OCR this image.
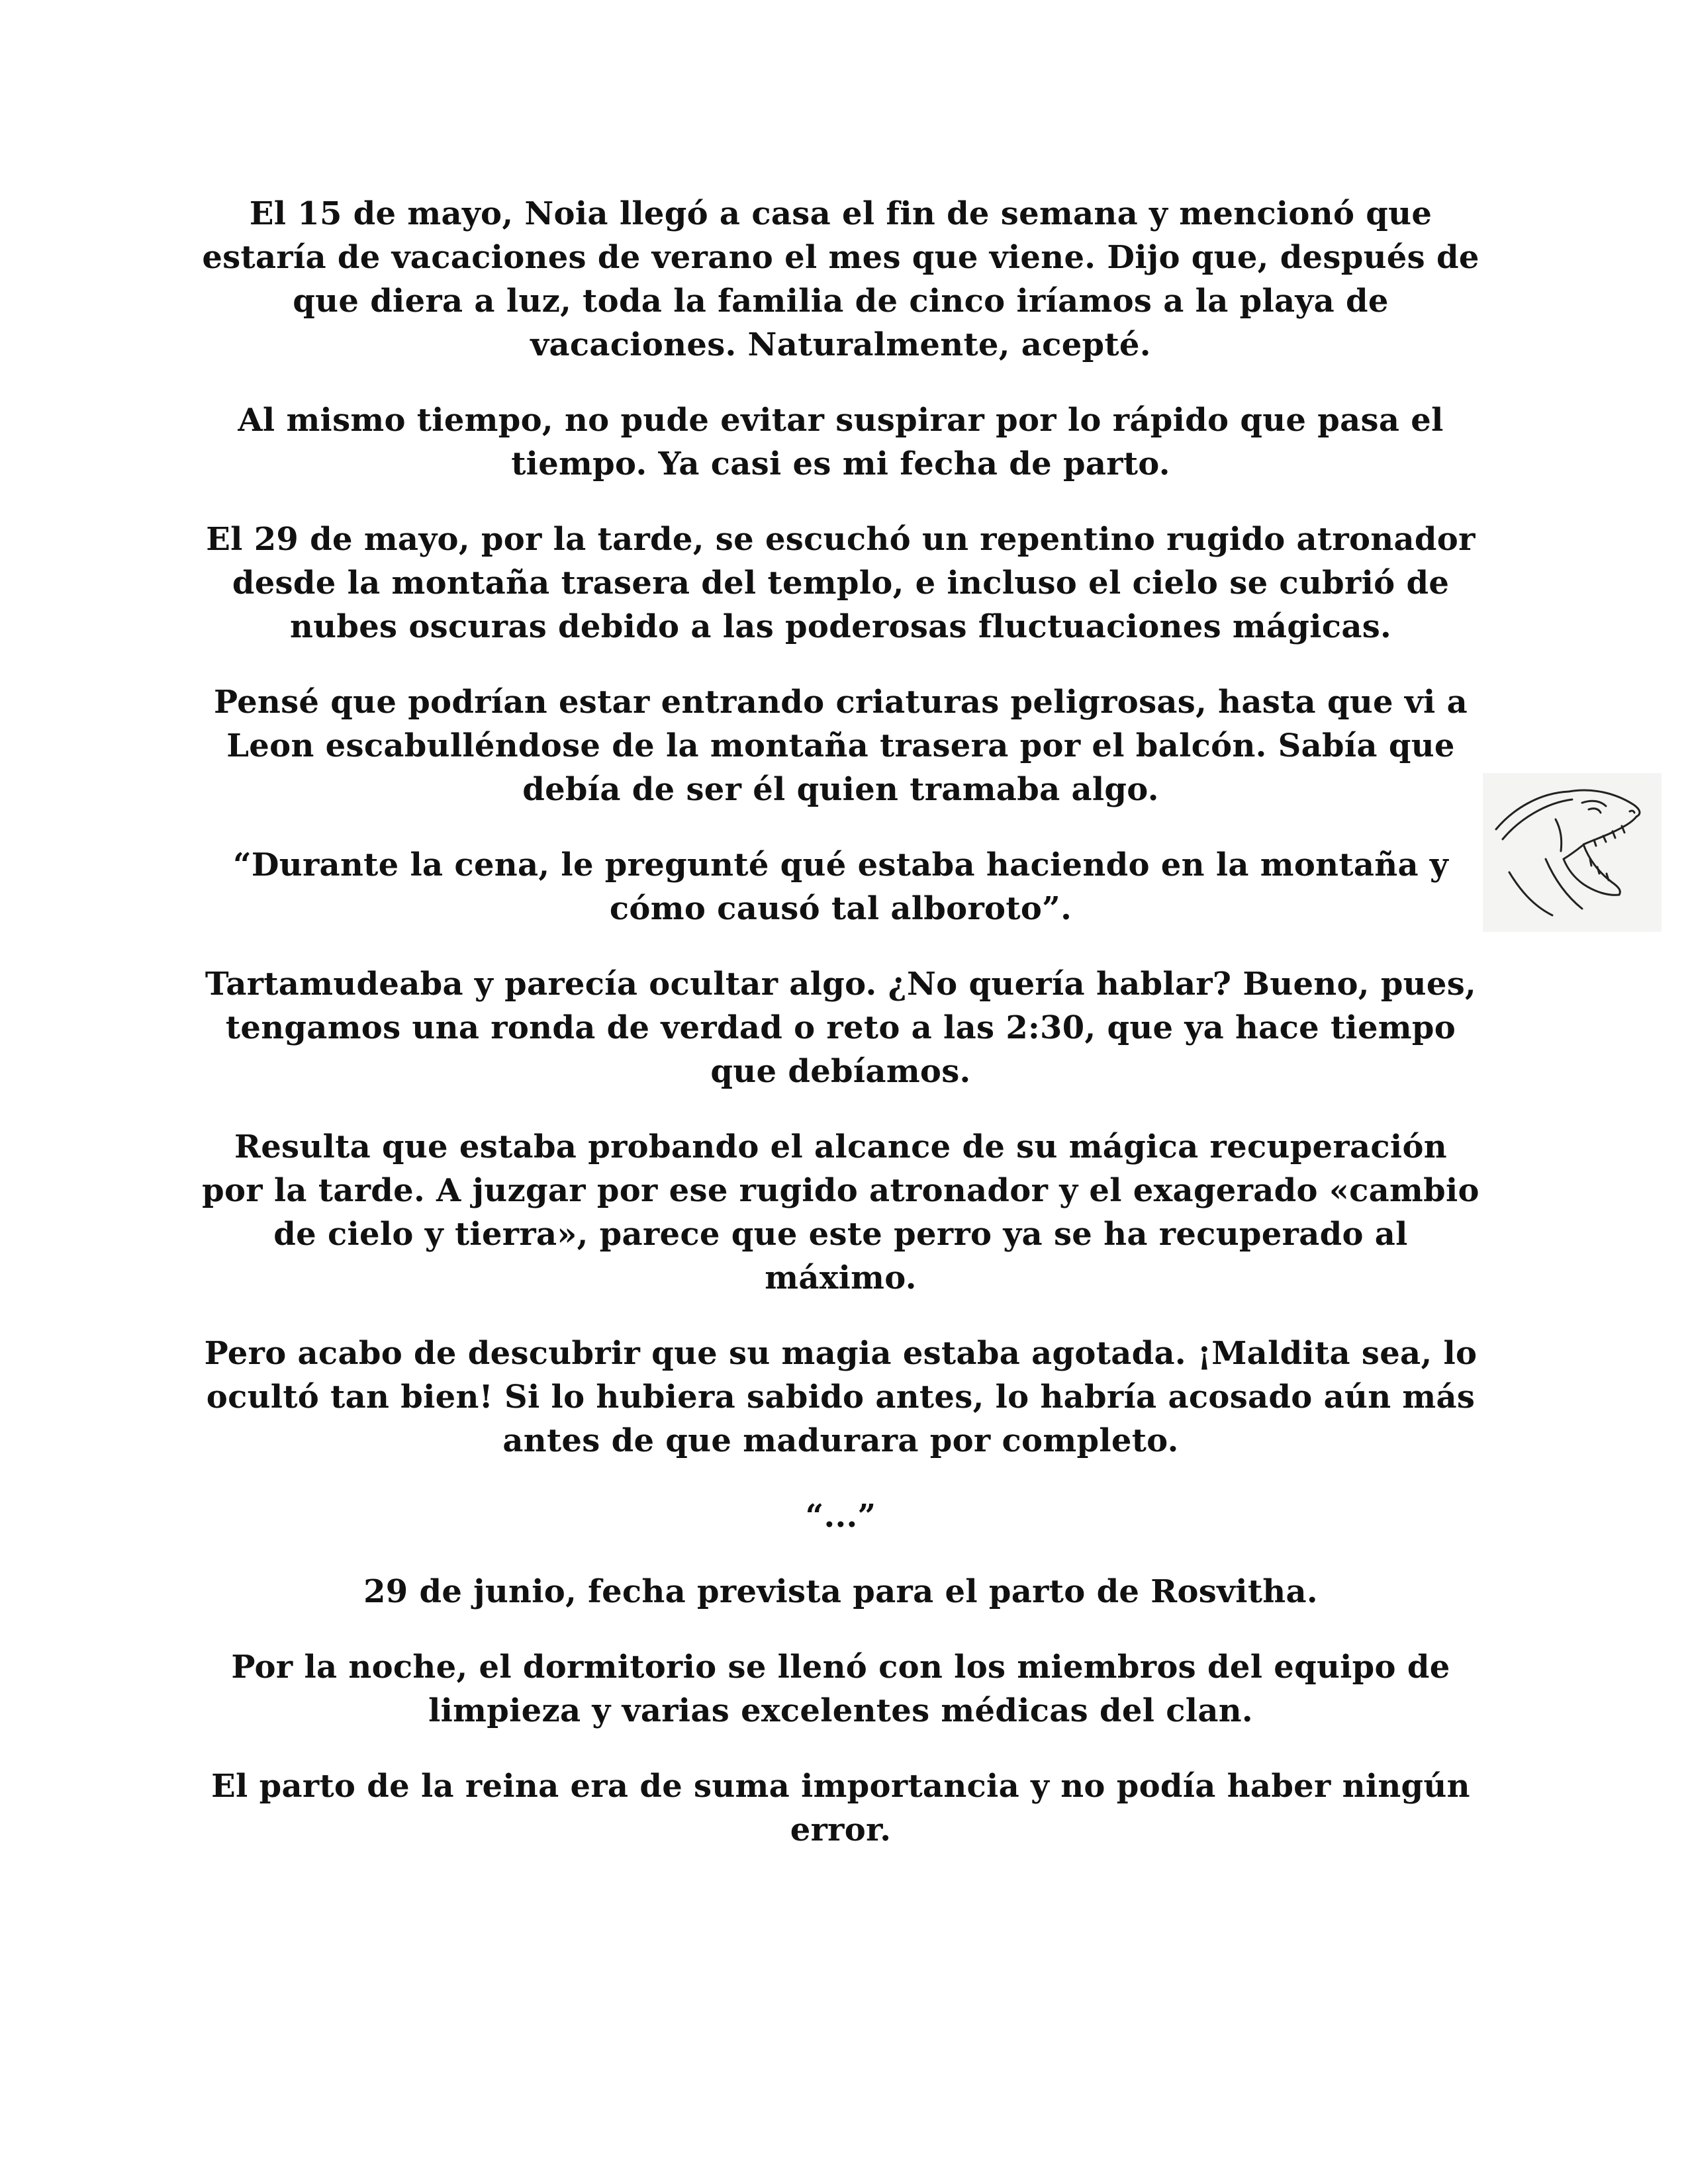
El 15 de mayo, Noia llegó a casa el fin de semana y mencionó que estaría de vacaciones de verano el mes que viene. Dijo que, después de que diera a luz, toda la familia de cinco iríamos a la playa de vacaciones. Naturalmente, acepté.

Al mismo tiempo, no pude evitar suspirar por lo rápido que pasa el tiempo. Ya casi es mi fecha de parto.

El 29 de mayo, por la tarde, se escuchó un repentino rugido atronador desde la montaña trasera del templo, e incluso el cielo se cubrió de nubes oscuras debido a las poderosas fluctuaciones mágicas.

Pensé que podrían estar entrando criaturas peligrosas, hasta que vi a Leon escabulléndose de la montaña trasera por el balcón. Sabía que debía de ser él quien tramaba algo.

“Durante la cena, le pregunté qué estaba haciendo en la montaña y cómo causó tal alboroto”.

Tartamudeaba y parecía ocultar algo. ¿No quería hablar? Bueno, pues, tengamos una ronda de verdad o reto a las 2:30, que ya hace tiempo que debíamos.

Resulta que estaba probando el alcance de su mágica recuperación por la tarde. A juzgar por ese rugido atronador y el exagerado «cambio de cielo y tierra», parece que este perro ya se ha recuperado al máximo.

Pero acabo de descubrir que su magia estaba agotada. ¡Maldita sea, lo ocultó tan bien! Si lo hubiera sabido antes, lo habría acosado aún más antes de que madurara por completo.

“...”

29 de junio, fecha prevista para el parto de Rosvitha.

Por la noche, el dormitorio se llenó con los miembros del equipo de limpieza y varias excelentes médicas del clan.

El parto de la reina era de suma importancia y no podía haber ningún error.
